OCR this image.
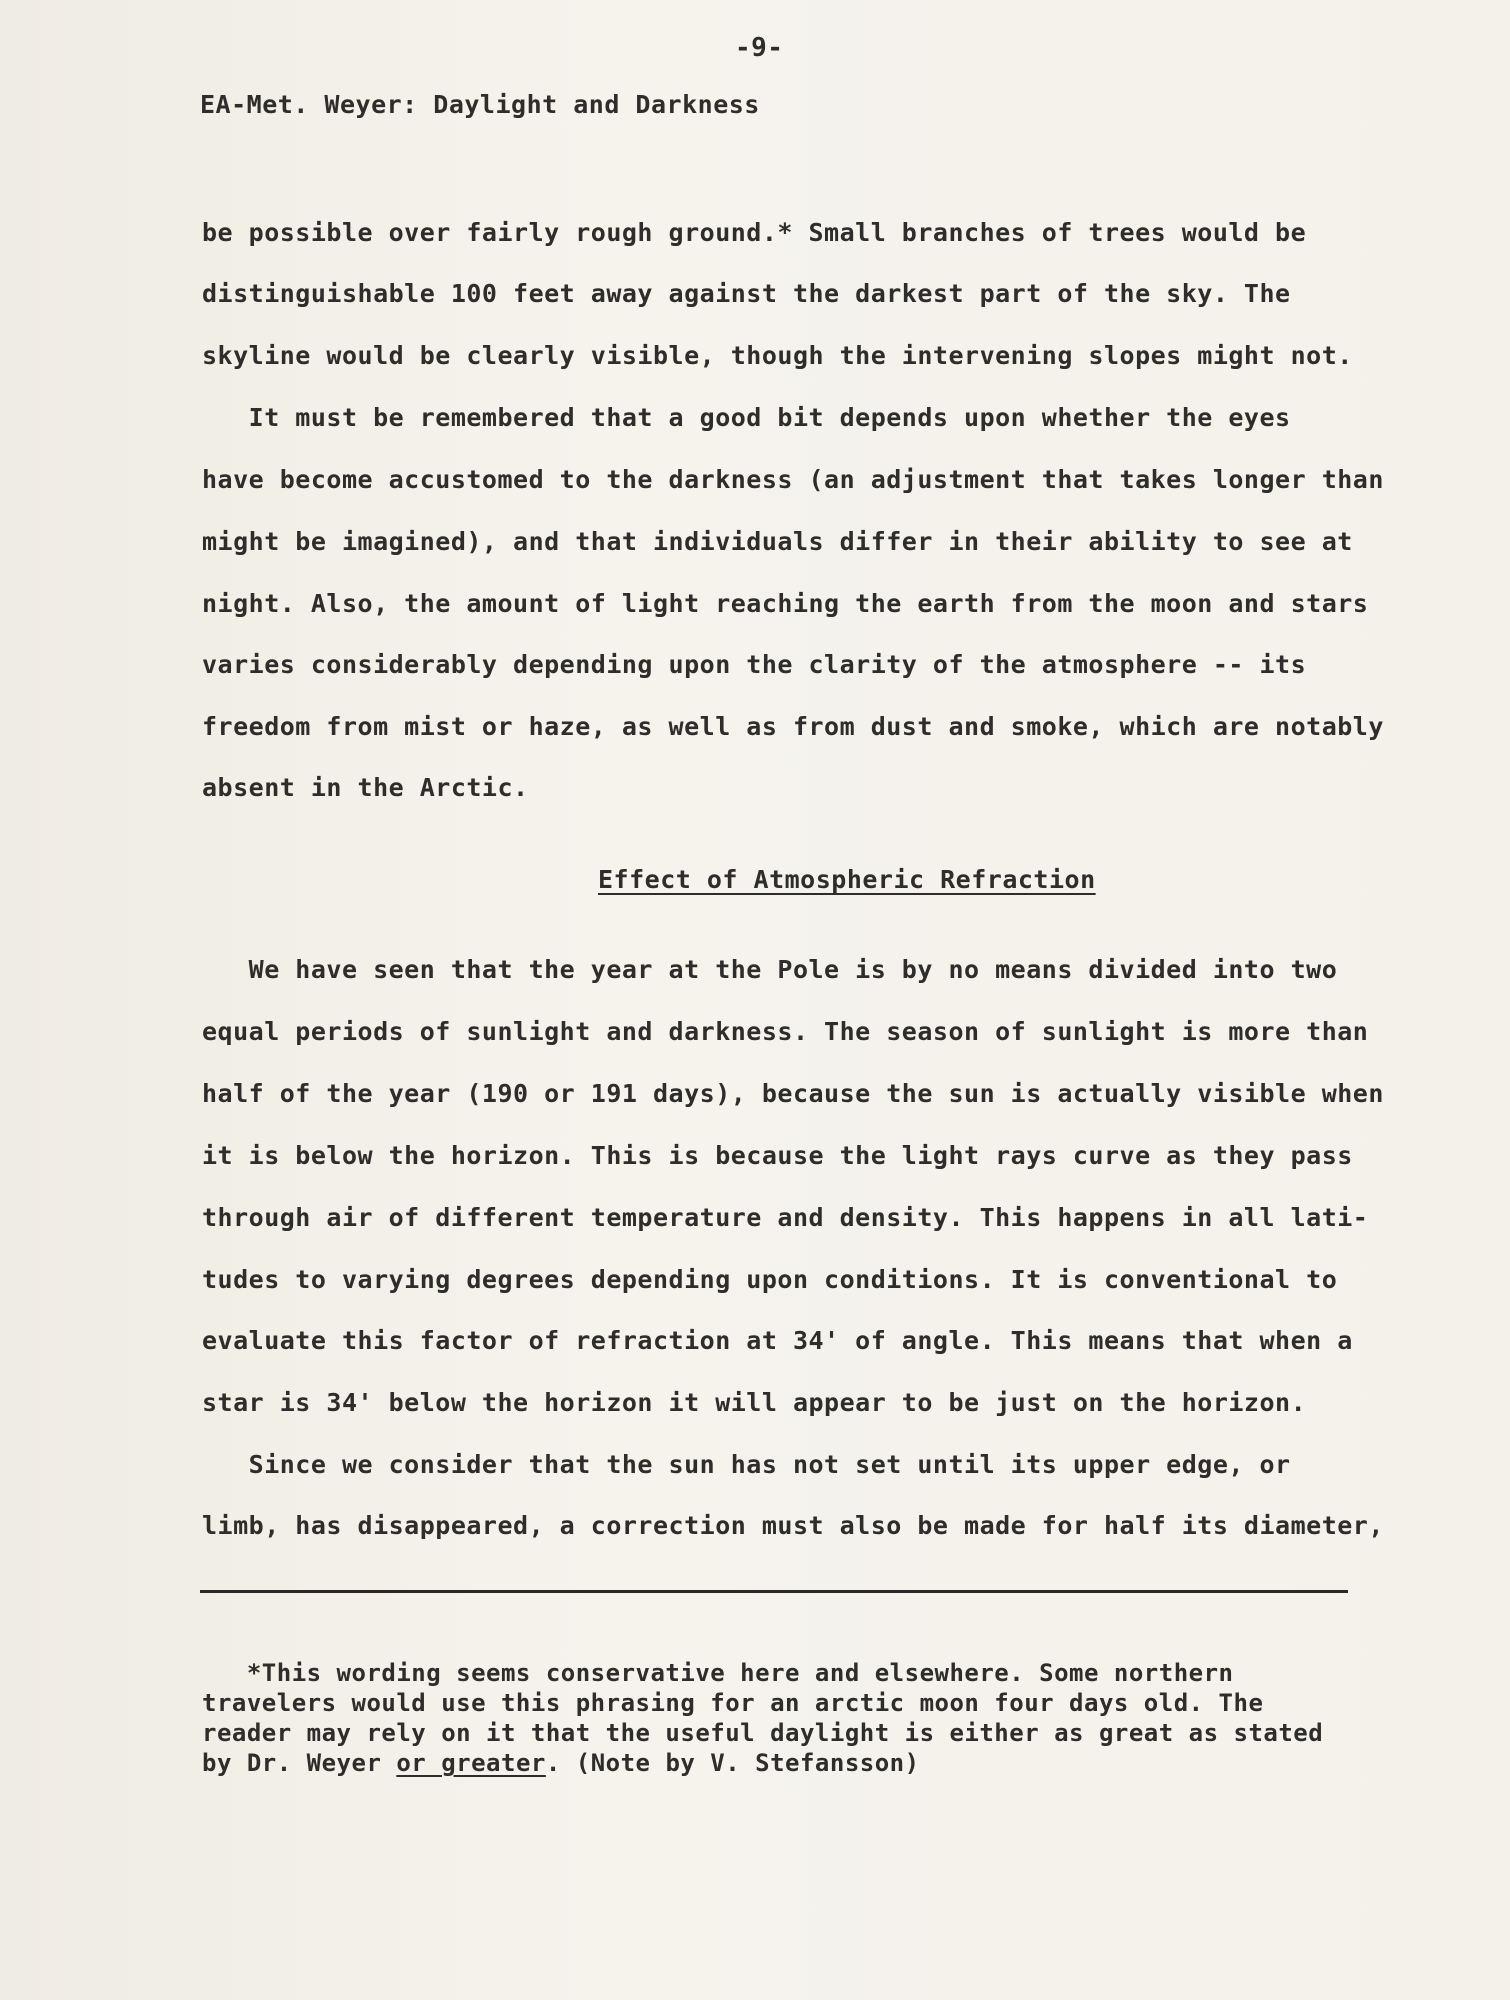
-9-
EA-Met. Weyer: Daylight and Darkness
be possible over fairly rough ground.* Small branches of trees would be
distinguishable 100 feet away against the darkest part of the sky. The
skyline would be clearly visible, though the intervening slopes might not.
It must be remembered that a good bit depends upon whether the eyes
have become accustomed to the darkness (an adjustment that takes longer than
might be imagined), and that individuals differ in their ability to see at
night. Also, the amount of light reaching the earth from the moon and stars
varies considerably depending upon the clarity of the atmosphere -- its
freedom from mist or haze, as well as from dust and smoke, which are notably
absent in the Arctic.
Effect of Atmospheric Refraction
We have seen that the year at the Pole is by no means divided into two
equal periods of sunlight and darkness. The season of sunlight is more than
half of the year (190 or 191 days), because the sun is actually visible when
it is below the horizon. This is because the light rays curve as they pass
through air of different temperature and density. This happens in all lati-
tudes to varying degrees depending upon conditions. It is conventional to
evaluate this factor of refraction at 34' of angle. This means that when a
star is 34' below the horizon it will appear to be just on the horizon.
Since we consider that the sun has not set until its upper edge, or
limb, has disappeared, a correction must also be made for half its diameter,
*This wording seems conservative here and elsewhere. Some northern
travelers would use this phrasing for an arctic moon four days old. The
reader may rely on it that the useful daylight is either as great as stated
by Dr. Weyer or greater. (Note by V. Stefansson)
